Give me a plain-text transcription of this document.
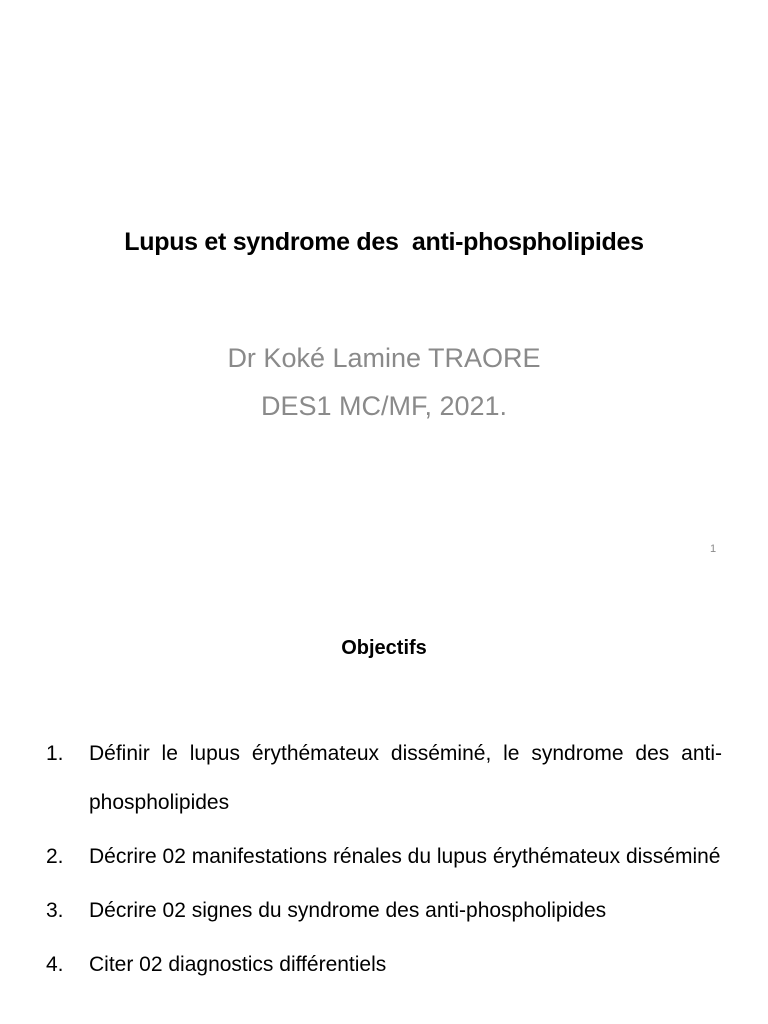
Lupus et syndrome des  anti-phospholipides
Dr Koké Lamine TRAORE
DES1 MC/MF, 2021.
1
Objectifs
1. Définir le lupus érythémateux disséminé, le syndrome des anti-phospholipides
2. Décrire 02 manifestations rénales du lupus érythémateux disséminé
3. Décrire 02 signes du syndrome des anti-phospholipides
4. Citer 02 diagnostics différentiels
